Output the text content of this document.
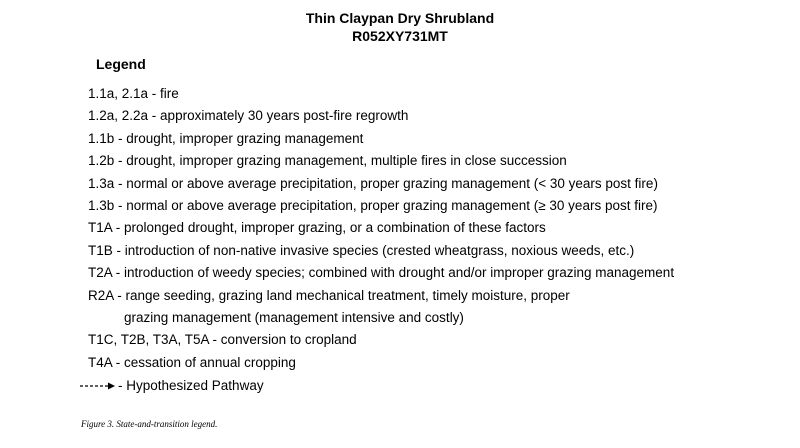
Thin Claypan Dry Shrubland
R052XY731MT
Legend
1.1a, 2.1a - fire
1.2a, 2.2a - approximately 30 years post-fire regrowth
1.1b - drought, improper grazing management
1.2b - drought, improper grazing management, multiple fires in close succession
1.3a - normal or above average precipitation, proper grazing management (< 30 years post fire)
1.3b - normal or above average precipitation, proper grazing management (≥ 30 years post fire)
T1A - prolonged drought, improper grazing, or a combination of these factors
T1B - introduction of non-native invasive species (crested wheatgrass, noxious weeds, etc.)
T2A - introduction of weedy species; combined with drought and/or improper grazing management
R2A - range seeding, grazing land mechanical treatment, timely moisture, proper
grazing management (management intensive and costly)
T1C, T2B, T3A, T5A - conversion to cropland
T4A - cessation of annual cropping
- Hypothesized Pathway
Figure 3. State-and-transition legend.
